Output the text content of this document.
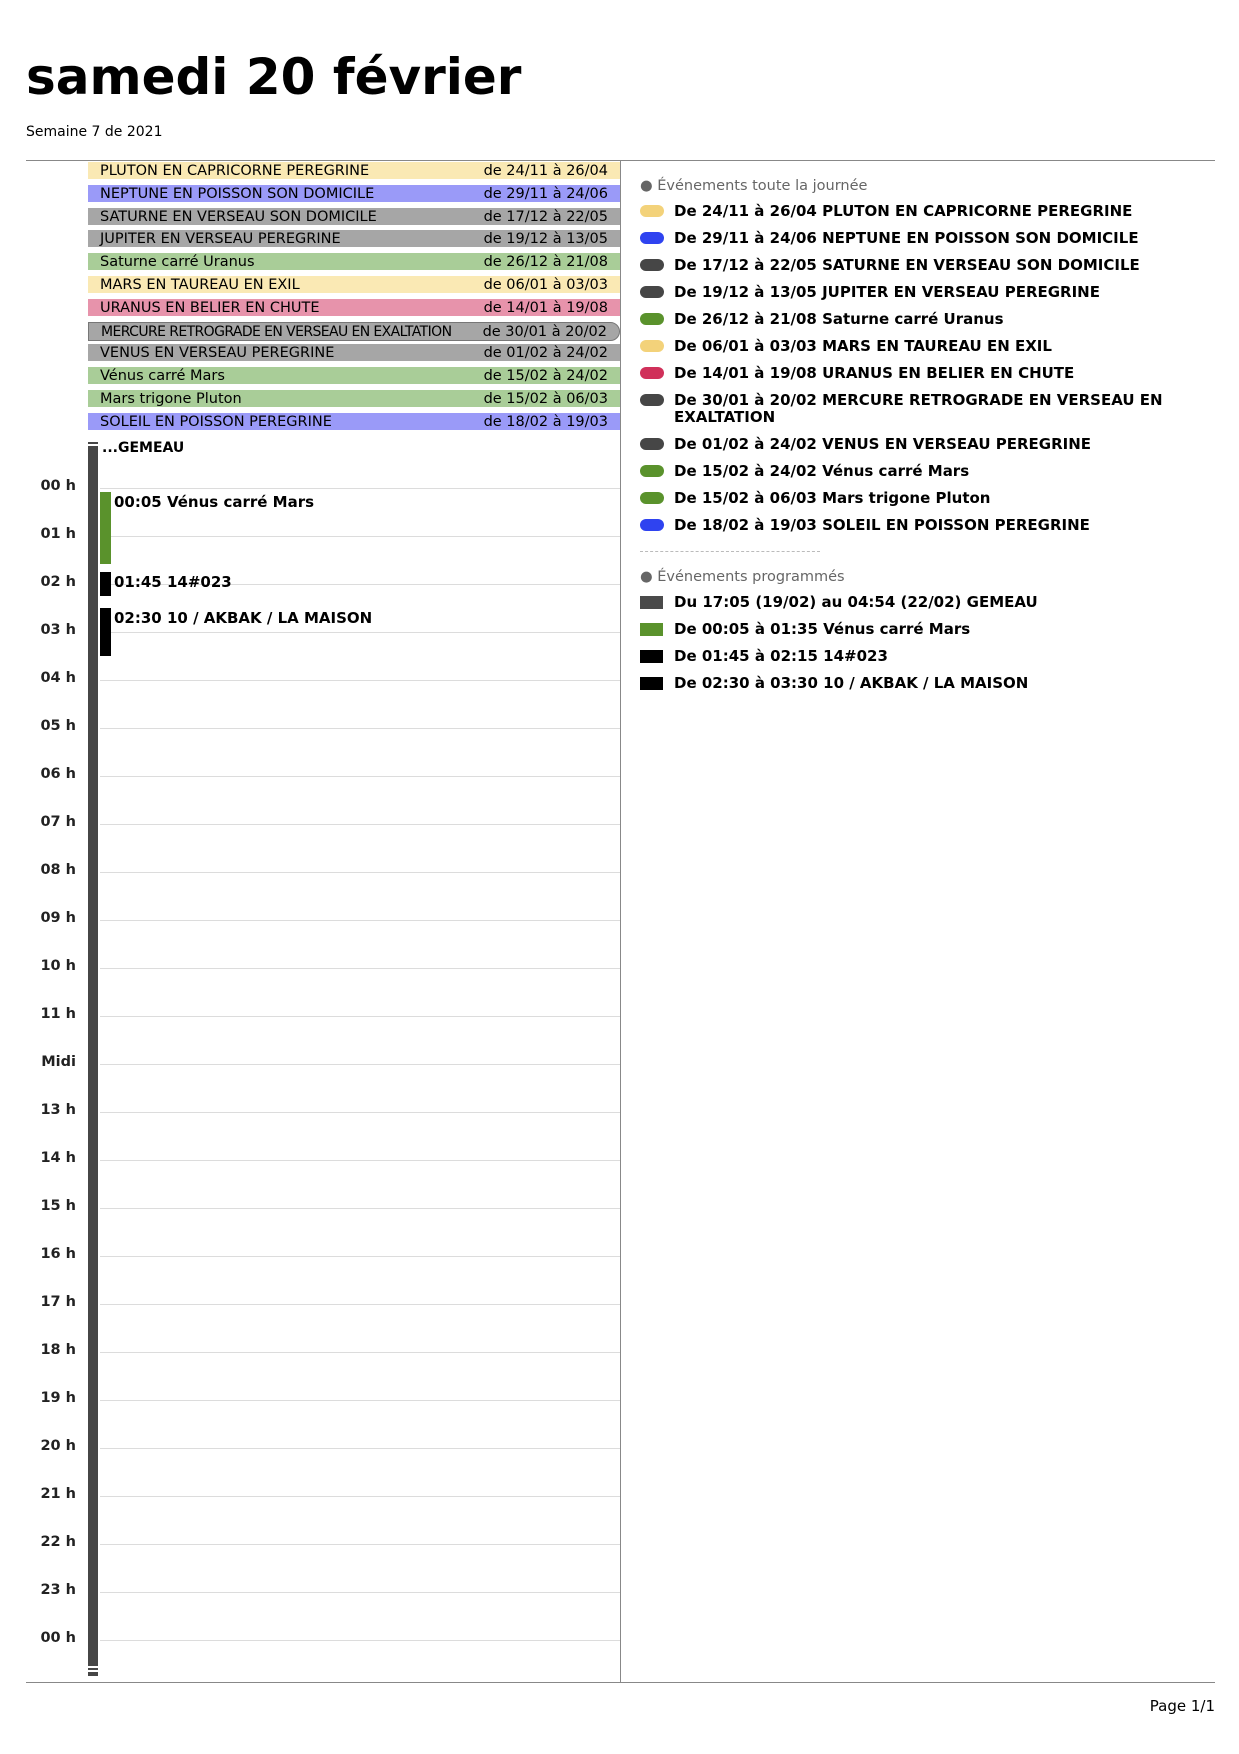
samedi 20 février
Semaine 7 de 2021
PLUTON EN CAPRICORNE PEREGRINE	de 24/11 à 26/04
NEPTUNE EN POISSON SON DOMICILE	de 29/11 à 24/06
SATURNE EN VERSEAU SON DOMICILE	de 17/12 à 22/05
JUPITER EN VERSEAU PEREGRINE	de 19/12 à 13/05
Saturne carré Uranus	de 26/12 à 21/08
MARS EN TAUREAU EN EXIL	de 06/01 à 03/03
URANUS EN BELIER EN CHUTE	de 14/01 à 19/08
MERCURE RETROGRADE EN VERSEAU EN EXALTATION de 30/01 à 20/02
VENUS EN VERSEAU PEREGRINE	de 01/02 à 24/02
Vénus carré Mars	de 15/02 à 24/02
Mars trigone Pluton	de 15/02 à 06/03
SOLEIL EN POISSON PEREGRINE	de 18/02 à 19/03
...GEMEAU
00 h
01 h
02 h
03 h
04 h
05 h
06 h
07 h
08 h
09 h
10 h
11 h
Midi
13 h
14 h
15 h
16 h
17 h
18 h
19 h
20 h
21 h
22 h
23 h
00 h
00:05 Vénus carré Mars
01:45 14#023
02:30 10 / AKBAK / LA MAISON
● Événements toute la journée
De 24/11 à 26/04 PLUTON EN CAPRICORNE PEREGRINE
De 29/11 à 24/06 NEPTUNE EN POISSON SON DOMICILE
De 17/12 à 22/05 SATURNE EN VERSEAU SON DOMICILE
De 19/12 à 13/05 JUPITER EN VERSEAU PEREGRINE
De 26/12 à 21/08 Saturne carré Uranus
De 06/01 à 03/03 MARS EN TAUREAU EN EXIL
De 14/01 à 19/08 URANUS EN BELIER EN CHUTE
De 30/01 à 20/02 MERCURE RETROGRADE EN VERSEAU EN EXALTATION
De 01/02 à 24/02 VENUS EN VERSEAU PEREGRINE
De 15/02 à 24/02 Vénus carré Mars
De 15/02 à 06/03 Mars trigone Pluton
De 18/02 à 19/03 SOLEIL EN POISSON PEREGRINE
● Événements programmés
Du 17:05 (19/02) au 04:54 (22/02) GEMEAU
De 00:05 à 01:35 Vénus carré Mars
De 01:45 à 02:15 14#023
De 02:30 à 03:30 10 / AKBAK / LA MAISON
Page 1/1
